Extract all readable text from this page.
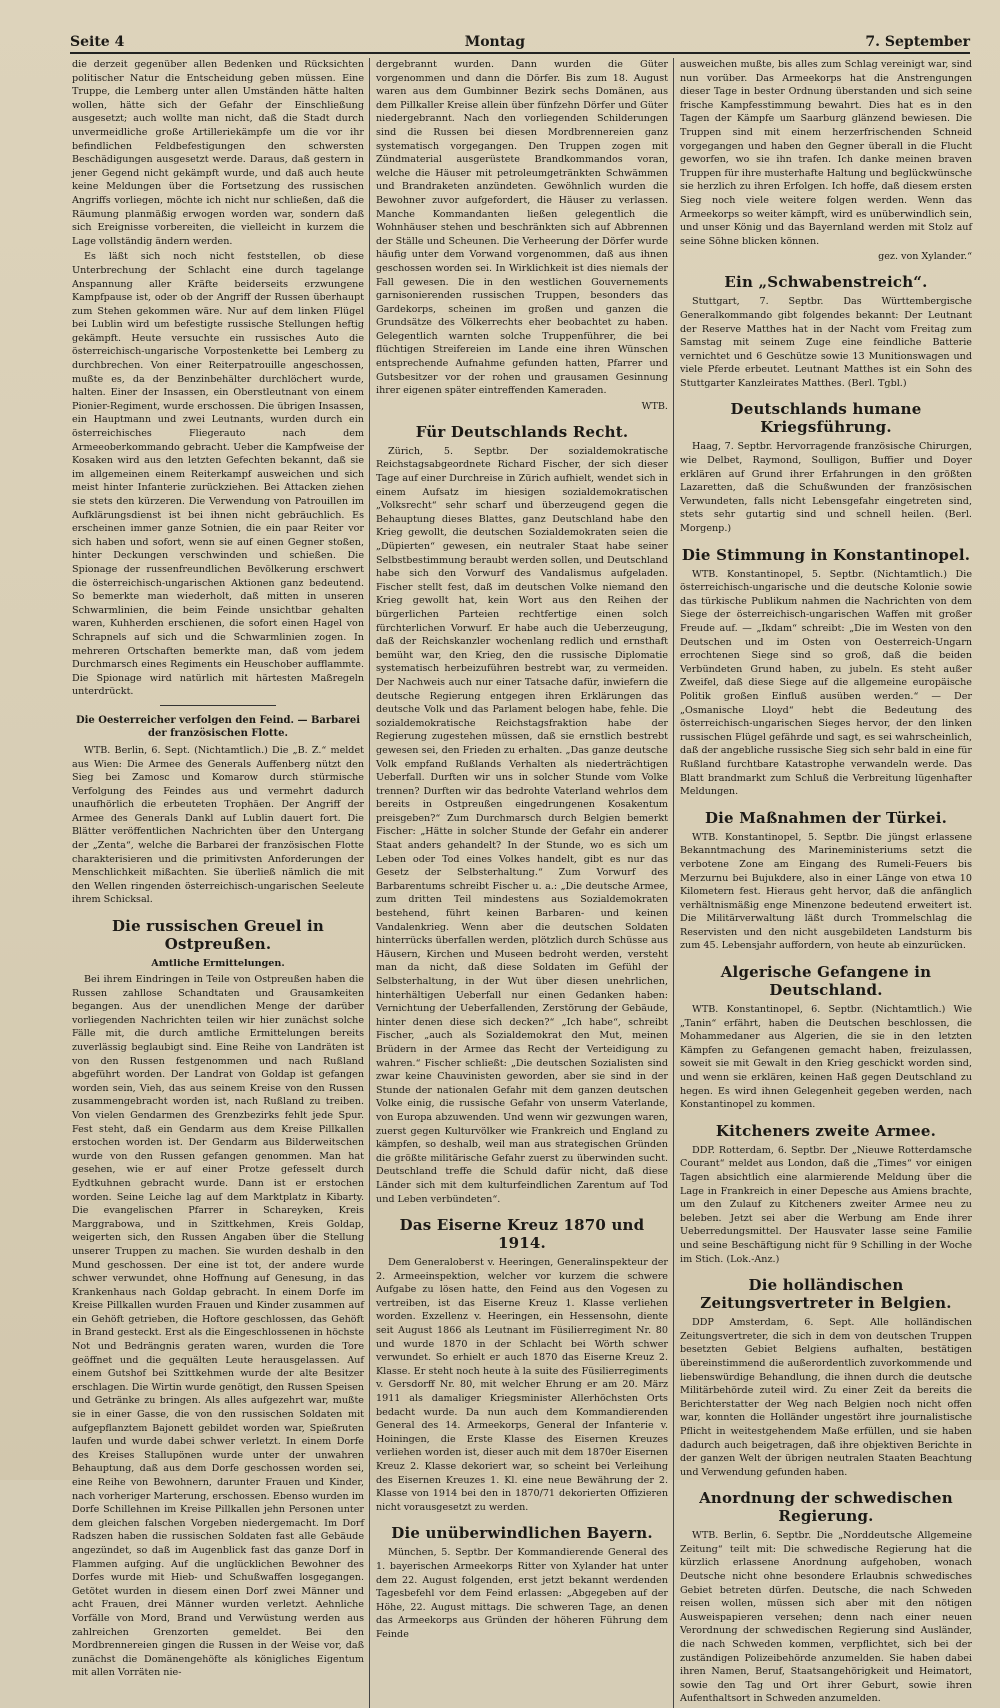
Seite 4	Montag	7. September

die derzeit gegenüber allen Bedenken und Rücksichten politischer Natur die Entscheidung geben müssen. Eine Truppe, die Lemberg unter allen Umständen hätte halten wollen, hätte sich der Gefahr der Einschließung ausgesetzt; auch wollte man nicht, daß die Stadt durch unvermeidliche große Artilleriekämpfe um die vor ihr befindlichen Feldbefestigungen den schwersten Beschädigungen ausgesetzt werde. Daraus, daß gestern in jener Gegend nicht gekämpft wurde, und daß auch heute keine Meldungen über die Fortsetzung des russischen Angriffs vorliegen, möchte ich nicht nur schließen, daß die Räumung planmäßig erwogen worden war, sondern daß sich Ereignisse vorbereiten, die vielleicht in kurzem die Lage vollständig ändern werden.

Es läßt sich noch nicht feststellen, ob diese Unterbrechung der Schlacht eine durch tagelange Anspannung aller Kräfte beiderseits erzwungene Kampfpause ist, oder ob der Angriff der Russen überhaupt zum Stehen gekommen wäre. Nur auf dem linken Flügel bei Lublin wird um befestigte russische Stellungen heftig gekämpft. Heute versuchte ein russisches Auto die österreichisch-ungarische Vorpostenkette bei Lemberg zu durchbrechen. Von einer Reiterpatrouille angeschossen, mußte es, da der Benzinbehälter durchlöchert wurde, halten. Einer der Insassen, ein Oberstleutnant von einem Pionier-Regiment, wurde erschossen. Die übrigen Insassen, ein Hauptmann und zwei Leutnants, wurden durch ein österreichisches Fliegerauto nach dem Armeeoberkommando gebracht. Ueber die Kampfweise der Kosaken wird aus den letzten Gefechten bekannt, daß sie im allgemeinen einem Reiterkampf ausweichen und sich meist hinter Infanterie zurückziehen. Bei Attacken ziehen sie stets den kürzeren. Die Verwendung von Patrouillen im Aufklärungsdienst ist bei ihnen nicht gebräuchlich. Es erscheinen immer ganze Sotnien, die ein paar Reiter vor sich haben und sofort, wenn sie auf einen Gegner stoßen, hinter Deckungen verschwinden und schießen. Die Spionage der russenfreundlichen Bevölkerung erschwert die österreichisch-ungarischen Aktionen ganz bedeutend. So bemerkte man wiederholt, daß mitten in unseren Schwarmlinien, die beim Feinde unsichtbar gehalten waren, Kuhherden erschienen, die sofort einen Hagel von Schrapnels auf sich und die Schwarmlinien zogen. In mehreren Ortschaften bemerkte man, daß vom jedem Durchmarsch eines Regiments ein Heuschober aufflammte. Die Spionage wird natürlich mit härtesten Maßregeln unterdrückt.

Die Oesterreicher verfolgen den Feind. — Barbarei der französischen Flotte.

WTB. Berlin, 6. Sept. (Nichtamtlich.) Die „B. Z.“ meldet aus Wien: Die Armee des Generals Auffenberg nützt den Sieg bei Zamosc und Komarow durch stürmische Verfolgung des Feindes aus und vermehrt dadurch unaufhörlich die erbeuteten Trophäen. Der Angriff der Armee des Generals Dankl auf Lublin dauert fort. Die Blätter veröffentlichen Nachrichten über den Untergang der „Zenta“, welche die Barbarei der französischen Flotte charakterisieren und die primitivsten Anforderungen der Menschlichkeit mißachten. Sie überließ nämlich die mit den Wellen ringenden österreichisch-ungarischen Seeleute ihrem Schicksal.

Die russischen Greuel in Ostpreußen.
Amtliche Ermittelungen.

Bei ihrem Eindringen in Teile von Ostpreußen haben die Russen zahllose Schandtaten und Grausamkeiten begangen. Aus der unendlichen Menge der darüber vorliegenden Nachrichten teilen wir hier zunächst solche Fälle mit, die durch amtliche Ermittelungen bereits zuverlässig beglaubigt sind. Eine Reihe von Landräten ist von den Russen festgenommen und nach Rußland abgeführt worden. Der Landrat von Goldap ist gefangen worden sein, Vieh, das aus seinem Kreise von den Russen zusammengebracht worden ist, nach Rußland zu treiben. Von vielen Gendarmen des Grenzbezirks fehlt jede Spur. Fest steht, daß ein Gendarm aus dem Kreise Pillkallen erstochen worden ist. Der Gendarm aus Bilderweitschen wurde von den Russen gefangen genommen. Man hat gesehen, wie er auf einer Protze gefesselt durch Eydtkuhnen gebracht wurde. Dann ist er erstochen worden. Seine Leiche lag auf dem Marktplatz in Kibarty. Die evangelischen Pfarrer in Schareyken, Kreis Marggrabowa, und in Szittkehmen, Kreis Goldap, weigerten sich, den Russen Angaben über die Stellung unserer Truppen zu machen. Sie wurden deshalb in den Mund geschossen. Der eine ist tot, der andere wurde schwer verwundet, ohne Hoffnung auf Genesung, in das Krankenhaus nach Goldap gebracht. In einem Dorfe im Kreise Pillkallen wurden Frauen und Kinder zusammen auf ein Gehöft getrieben, die Hoftore geschlossen, das Gehöft in Brand gesteckt. Erst als die Eingeschlossenen in höchste Not und Bedrängnis geraten waren, wurden die Tore geöffnet und die gequälten Leute herausgelassen. Auf einem Gutshof bei Szittkehmen wurde der alte Besitzer erschlagen. Die Wirtin wurde genötigt, den Russen Speisen und Getränke zu bringen. Als alles aufgezehrt war, mußte sie in einer Gasse, die von den russischen Soldaten mit aufgepflanztem Bajonett gebildet worden war, Spießruten laufen und wurde dabei schwer verletzt. In einem Dorfe des Kreises Stallupönen wurde unter der unwahren Behauptung, daß aus dem Dorfe geschossen worden sei, eine Reihe von Bewohnern, darunter Frauen und Kinder, nach vorheriger Marterung, erschossen. Ebenso wurden im Dorfe Schillehnen im Kreise Pillkallen jehn Personen unter dem gleichen falschen Vorgeben niedergemacht. Im Dorf Radszen haben die russischen Soldaten fast alle Gebäude angezündet, so daß im Augenblick fast das ganze Dorf in Flammen aufging. Auf die unglücklichen Bewohner des Dorfes wurde mit Hieb- und Schußwaffen losgegangen. Getötet wurden in diesem einen Dorf zwei Männer und acht Frauen, drei Männer wurden verletzt. Aehnliche Vorfälle von Mord, Brand und Verwüstung werden aus zahlreichen Grenzorten gemeldet. Bei den Mordbrennereien gingen die Russen in der Weise vor, daß zunächst die Domänengehöfte als königliches Eigentum mit allen Vorräten nie-

dergebrannt wurden. Dann wurden die Güter vorgenommen und dann die Dörfer. Bis zum 18. August waren aus dem Gumbinner Bezirk sechs Domänen, aus dem Pillkaller Kreise allein über fünfzehn Dörfer und Güter niedergebrannt. Nach den vorliegenden Schilderungen sind die Russen bei diesen Mordbrennereien ganz systematisch vorgegangen. Den Truppen zogen mit Zündmaterial ausgerüstete Brandkommandos voran, welche die Häuser mit petroleumgetränkten Schwämmen und Brandraketen anzündeten. Gewöhnlich wurden die Bewohner zuvor aufgefordert, die Häuser zu verlassen. Manche Kommandanten ließen gelegentlich die Wohnhäuser stehen und beschränkten sich auf Abbrennen der Ställe und Scheunen. Die Verheerung der Dörfer wurde häufig unter dem Vorwand vorgenommen, daß aus ihnen geschossen worden sei. In Wirklichkeit ist dies niemals der Fall gewesen. Die in den westlichen Gouvernements garnisonierenden russischen Truppen, besonders das Gardekorps, scheinen im großen und ganzen die Grundsätze des Völkerrechts eher beobachtet zu haben. Gelegentlich warnten solche Truppenführer, die bei flüchtigen Streifereien im Lande eine ihren Wünschen entsprechende Aufnahme gefunden hatten, Pfarrer und Gutsbesitzer vor der rohen und grausamen Gesinnung ihrer eigenen später eintreffenden Kameraden.

WTB.
Für Deutschlands Recht.

Zürich, 5. Septbr. Der sozialdemokratische Reichstagsabgeordnete Richard Fischer, der sich dieser Tage auf einer Durchreise in Zürich aufhielt, wendet sich in einem Aufsatz im hiesigen sozialdemokratischen „Volksrecht“ sehr scharf und überzeugend gegen die Behauptung dieses Blattes, ganz Deutschland habe den Krieg gewollt, die deutschen Sozialdemokraten seien die „Düpierten“ gewesen, ein neutraler Staat habe seiner Selbstbestimmung beraubt werden sollen, und Deutschland habe sich den Vorwurf des Vandalismus aufgeladen. Fischer stellt fest, daß im deutschen Volke niemand den Krieg gewollt hat, kein Wort aus den Reihen der bürgerlichen Parteien rechtfertige einen solch fürchterlichen Vorwurf. Er habe auch die Ueberzeugung, daß der Reichskanzler wochenlang redlich und ernsthaft bemüht war, den Krieg, den die russische Diplomatie systematisch herbeizuführen bestrebt war, zu vermeiden. Der Nachweis auch nur einer Tatsache dafür, inwiefern die deutsche Regierung entgegen ihren Erklärungen das deutsche Volk und das Parlament belogen habe, fehle. Die sozialdemokratische Reichstagsfraktion habe der Regierung zugestehen müssen, daß sie ernstlich bestrebt gewesen sei, den Frieden zu erhalten. „Das ganze deutsche Volk empfand Rußlands Verhalten als niederträchtigen Ueberfall. Durften wir uns in solcher Stunde vom Volke trennen? Durften wir das bedrohte Vaterland wehrlos dem bereits in Ostpreußen eingedrungenen Kosakentum preisgeben?“ Zum Durchmarsch durch Belgien bemerkt Fischer: „Hätte in solcher Stunde der Gefahr ein anderer Staat anders gehandelt? In der Stunde, wo es sich um Leben oder Tod eines Volkes handelt, gibt es nur das Gesetz der Selbsterhaltung.“ Zum Vorwurf des Barbarentums schreibt Fischer u. a.: „Die deutsche Armee, zum dritten Teil mindestens aus Sozialdemokraten bestehend, führt keinen Barbaren- und keinen Vandalenkrieg. Wenn aber die deutschen Soldaten hinterrücks überfallen werden, plötzlich durch Schüsse aus Häusern, Kirchen und Museen bedroht werden, versteht man da nicht, daß diese Soldaten im Gefühl der Selbsterhaltung, in der Wut über diesen unehrlichen, hinterhältigen Ueberfall nur einen Gedanken haben: Vernichtung der Ueberfallenden, Zerstörung der Gebäude, hinter denen diese sich decken?“ „Ich habe“, schreibt Fischer, „auch als Sozialdemokrat den Mut, meinen Brüdern in der Armee das Recht der Verteidigung zu wahren.“ Fischer schließt: „Die deutschen Sozialisten sind zwar keine Chauvinisten geworden, aber sie sind in der Stunde der nationalen Gefahr mit dem ganzen deutschen Volke einig, die russische Gefahr von unserm Vaterlande, von Europa abzuwenden. Und wenn wir gezwungen waren, zuerst gegen Kulturvölker wie Frankreich und England zu kämpfen, so deshalb, weil man aus strategischen Gründen die größte militärische Gefahr zuerst zu überwinden sucht. Deutschland treffe die Schuld dafür nicht, daß diese Länder sich mit dem kulturfeindlichen Zarentum auf Tod und Leben verbündeten“.

Das Eiserne Kreuz 1870 und 1914.

Dem Generaloberst v. Heeringen, Generalinspekteur der 2. Armeeinspektion, welcher vor kurzem die schwere Aufgabe zu lösen hatte, den Feind aus den Vogesen zu vertreiben, ist das Eiserne Kreuz 1. Klasse verliehen worden. Exzellenz v. Heeringen, ein Hessensohn, diente seit August 1866 als Leutnant im Füsilierregiment Nr. 80 und wurde 1870 in der Schlacht bei Wörth schwer verwundet. So erhielt er auch 1870 das Eiserne Kreuz 2. Klasse. Er steht noch heute à la suite des Füsilierregiments v. Gersdorff Nr. 80, mit welcher Ehrung er am 20. März 1911 als damaliger Kriegsminister Allerhöchsten Orts bedacht wurde. Da nun auch dem Kommandierenden General des 14. Armeekorps, General der Infanterie v. Hoiningen, die Erste Klasse des Eisernen Kreuzes verliehen worden ist, dieser auch mit dem 1870er Eisernen Kreuz 2. Klasse dekoriert war, so scheint bei Verleihung des Eisernen Kreuzes 1. Kl. eine neue Bewährung der 2. Klasse von 1914 bei den in 1870/71 dekorierten Offizieren nicht vorausgesetzt zu werden.

Die unüberwindlichen Bayern.

München, 5. Septbr. Der Kommandierende General des 1. bayerischen Armeekorps Ritter von Xylander hat unter dem 22. August folgenden, erst jetzt bekannt werdenden Tagesbefehl vor dem Feind erlassen: „Abgegeben auf der Höhe, 22. August mittags. Die schweren Tage, an denen das Armeekorps aus Gründen der höheren Führung dem Feinde

ausweichen mußte, bis alles zum Schlag vereinigt war, sind nun vorüber. Das Armeekorps hat die Anstrengungen dieser Tage in bester Ordnung überstanden und sich seine frische Kampfesstimmung bewahrt. Dies hat es in den Tagen der Kämpfe um Saarburg glänzend bewiesen. Die Truppen sind mit einem herzerfrischenden Schneid vorgegangen und haben den Gegner überall in die Flucht geworfen, wo sie ihn trafen. Ich danke meinen braven Truppen für ihre musterhafte Haltung und beglückwünsche sie herzlich zu ihren Erfolgen. Ich hoffe, daß diesem ersten Sieg noch viele weitere folgen werden. Wenn das Armeekorps so weiter kämpft, wird es unüberwindlich sein, und unser König und das Bayernland werden mit Stolz auf seine Söhne blicken können.

gez. von Xylander.“
Ein „Schwabenstreich“.

Stuttgart, 7. Septbr. Das Württembergische Generalkommando gibt folgendes bekannt: Der Leutnant der Reserve Matthes hat in der Nacht vom Freitag zum Samstag mit seinem Zuge eine feindliche Batterie vernichtet und 6 Geschütze sowie 13 Munitionswagen und viele Pferde erbeutet. Leutnant Matthes ist ein Sohn des Stuttgarter Kanzleirates Matthes. (Berl. Tgbl.)

Deutschlands humane Kriegsführung.

Haag, 7. Septbr. Hervorragende französische Chirurgen, wie Delbet, Raymond, Soulligon, Buffier und Doyer erklären auf Grund ihrer Erfahrungen in den größten Lazaretten, daß die Schußwunden der französischen Verwundeten, falls nicht Lebensgefahr eingetreten sind, stets sehr gutartig sind und schnell heilen. (Berl. Morgenp.)

Die Stimmung in Konstantinopel.

WTB. Konstantinopel, 5. Septbr. (Nichtamtlich.) Die österreichisch-ungarische und die deutsche Kolonie sowie das türkische Publikum nahmen die Nachrichten von dem Siege der österreichisch-ungarischen Waffen mit großer Freude auf. — „Ikdam“ schreibt: „Die im Westen von den Deutschen und im Osten von Oesterreich-Ungarn errochtenen Siege sind so groß, daß die beiden Verbündeten Grund haben, zu jubeln. Es steht außer Zweifel, daß diese Siege auf die allgemeine europäische Politik großen Einfluß ausüben werden.“ — Der „Osmanische Lloyd“ hebt die Bedeutung des österreichisch-ungarischen Sieges hervor, der den linken russischen Flügel gefährde und sagt, es sei wahrscheinlich, daß der angebliche russische Sieg sich sehr bald in eine für Rußland furchtbare Katastrophe verwandeln werde. Das Blatt brandmarkt zum Schluß die Verbreitung lügenhafter Meldungen.

Die Maßnahmen der Türkei.

WTB. Konstantinopel, 5. Septbr. Die jüngst erlassene Bekanntmachung des Marineministeriums setzt die verbotene Zone am Eingang des Rumeli-Feuers bis Merzurnu bei Bujukdere, also in einer Länge von etwa 10 Kilometern fest. Hieraus geht hervor, daß die anfänglich verhältnismäßig enge Minenzone bedeutend erweitert ist. Die Militärverwaltung läßt durch Trommelschlag die Reservisten und den nicht ausgebildeten Landsturm bis zum 45. Lebensjahr auffordern, von heute ab einzurücken.

Algerische Gefangene in Deutschland.

WTB. Konstantinopel, 6. Septbr. (Nichtamtlich.) Wie „Tanin“ erfährt, haben die Deutschen beschlossen, die Mohammedaner aus Algerien, die sie in den letzten Kämpfen zu Gefangenen gemacht haben, freizulassen, soweit sie mit Gewalt in den Krieg geschickt worden sind, und wenn sie erklären, keinen Haß gegen Deutschland zu hegen. Es wird ihnen Gelegenheit gegeben werden, nach Konstantinopel zu kommen.

Kitcheners zweite Armee.

DDP. Rotterdam, 6. Septbr. Der „Nieuwe Rotterdamsche Courant“ meldet aus London, daß die „Times“ vor einigen Tagen absichtlich eine alarmierende Meldung über die Lage in Frankreich in einer Depesche aus Amiens brachte, um den Zulauf zu Kitcheners zweiter Armee neu zu beleben. Jetzt sei aber die Werbung am Ende ihrer Ueberredungsmittel. Der Hausvater lasse seine Familie und seine Beschäftigung nicht für 9 Schilling in der Woche im Stich. (Lok.-Anz.)

Die holländischen Zeitungsvertreter in Belgien.

DDP Amsterdam, 6. Sept. Alle holländischen Zeitungsvertreter, die sich in dem von deutschen Truppen besetzten Gebiet Belgiens aufhalten, bestätigen übereinstimmend die außerordentlich zuvorkommende und liebenswürdige Behandlung, die ihnen durch die deutsche Militärbehörde zuteil wird. Zu einer Zeit da bereits die Berichterstatter der Weg nach Belgien noch nicht offen war, konnten die Holländer ungestört ihre journalistische Pflicht in weitestgehendem Maße erfüllen, und sie haben dadurch auch beigetragen, daß ihre objektiven Berichte in der ganzen Welt der übrigen neutralen Staaten Beachtung und Verwendung gefunden haben.

Anordnung der schwedischen Regierung.

WTB. Berlin, 6. Septbr. Die „Norddeutsche Allgemeine Zeitung“ teilt mit: Die schwedische Regierung hat die kürzlich erlassene Anordnung aufgehoben, wonach Deutsche nicht ohne besondere Erlaubnis schwedisches Gebiet betreten dürfen. Deutsche, die nach Schweden reisen wollen, müssen sich aber mit den nötigen Ausweispapieren versehen; denn nach einer neuen Verordnung der schwedischen Regierung sind Ausländer, die nach Schweden kommen, verpflichtet, sich bei der zuständigen Polizeibehörde anzumelden. Sie haben dabei ihren Namen, Beruf, Staatsangehörigkeit und Heimatort, sowie den Tag und Ort ihrer Geburt, sowie ihren Aufenthaltsort in Schweden anzumelden.
